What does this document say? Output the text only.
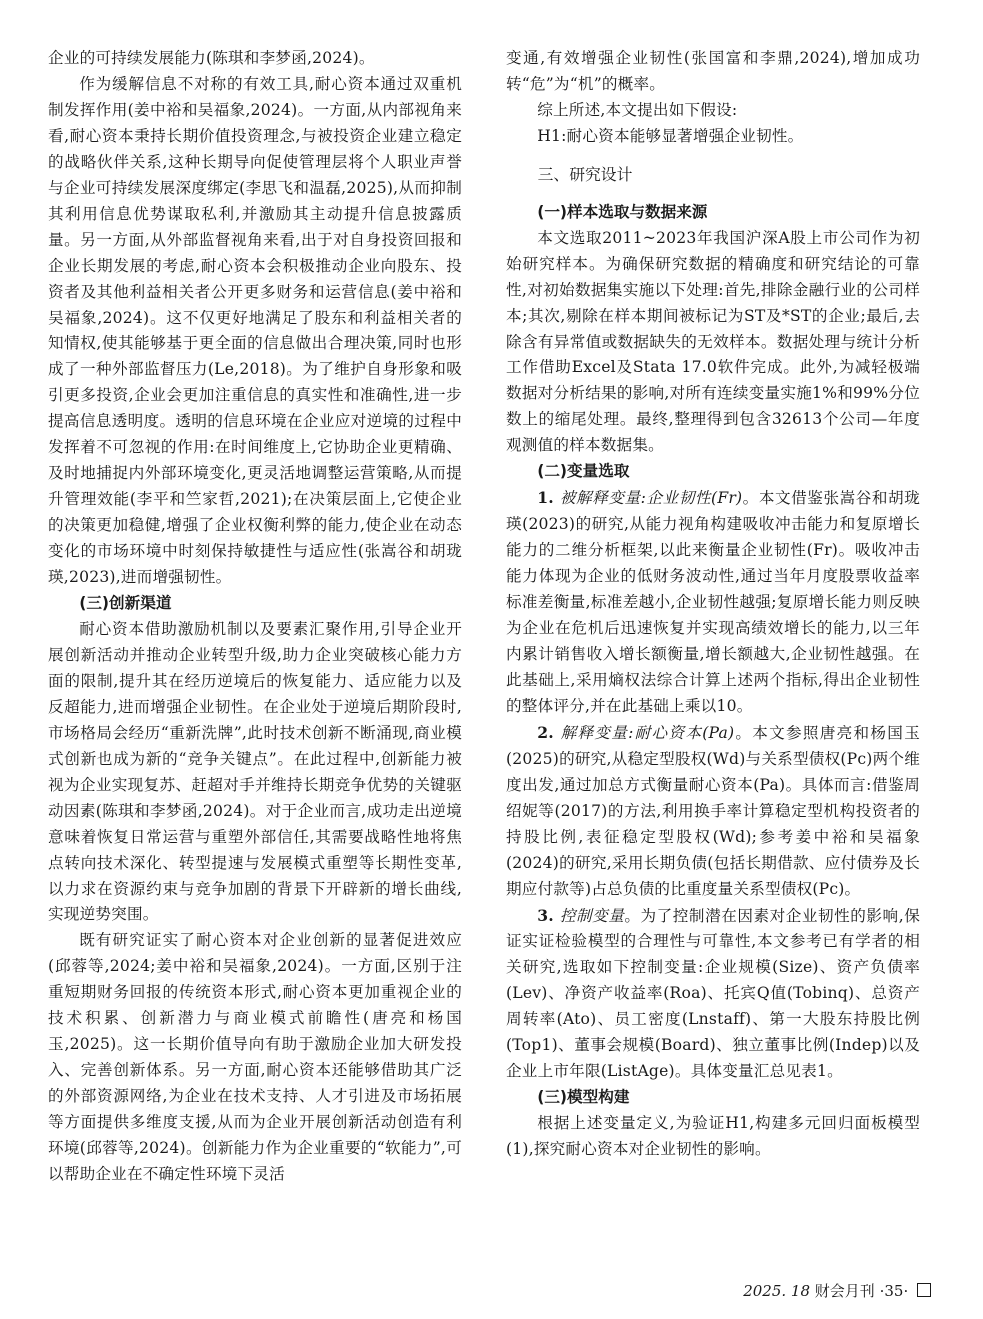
企业的可持续发展能力(陈琪和李梦函,2024)。

作为缓解信息不对称的有效工具,耐心资本通过双重机制发挥作用(姜中裕和吴福象,2024)。一方面,从内部视角来看,耐心资本秉持长期价值投资理念,与被投资企业建立稳定的战略伙伴关系,这种长期导向促使管理层将个人职业声誉与企业可持续发展深度绑定(李思飞和温磊,2025),从而抑制其利用信息优势谋取私利,并激励其主动提升信息披露质量。另一方面,从外部监督视角来看,出于对自身投资回报和企业长期发展的考虑,耐心资本会积极推动企业向股东、投资者及其他利益相关者公开更多财务和运营信息(姜中裕和吴福象,2024)。这不仅更好地满足了股东和利益相关者的知情权,使其能够基于更全面的信息做出合理决策,同时也形成了一种外部监督压力(Le,2018)。为了维护自身形象和吸引更多投资,企业会更加注重信息的真实性和准确性,进一步提高信息透明度。透明的信息环境在企业应对逆境的过程中发挥着不可忽视的作用:在时间维度上,它协助企业更精确、及时地捕捉内外部环境变化,更灵活地调整运营策略,从而提升管理效能(李平和竺家哲,2021);在决策层面上,它使企业的决策更加稳健,增强了企业权衡利弊的能力,使企业在动态变化的市场环境中时刻保持敏捷性与适应性(张嵩谷和胡珑瑛,2023),进而增强韧性。

(三)创新渠道

耐心资本借助激励机制以及要素汇聚作用,引导企业开展创新活动并推动企业转型升级,助力企业突破核心能力方面的限制,提升其在经历逆境后的恢复能力、适应能力以及反超能力,进而增强企业韧性。在企业处于逆境后期阶段时,市场格局会经历“重新洗牌”,此时技术创新不断涌现,商业模式创新也成为新的“竞争关键点”。在此过程中,创新能力被视为企业实现复苏、赶超对手并维持长期竞争优势的关键驱动因素(陈琪和李梦函,2024)。对于企业而言,成功走出逆境意味着恢复日常运营与重塑外部信任,其需要战略性地将焦点转向技术深化、转型提速与发展模式重塑等长期性变革,以力求在资源约束与竞争加剧的背景下开辟新的增长曲线,实现逆势突围。

既有研究证实了耐心资本对企业创新的显著促进效应(邱蓉等,2024;姜中裕和吴福象,2024)。一方面,区别于注重短期财务回报的传统资本形式,耐心资本更加重视企业的技术积累、创新潜力与商业模式前瞻性(唐亮和杨国玉,2025)。这一长期价值导向有助于激励企业加大研发投入、完善创新体系。另一方面,耐心资本还能够借助其广泛的外部资源网络,为企业在技术支持、人才引进及市场拓展等方面提供多维度支援,从而为企业开展创新活动创造有利环境(邱蓉等,2024)。创新能力作为企业重要的“软能力”,可以帮助企业在不确定性环境下灵活

变通,有效增强企业韧性(张国富和李鼎,2024),增加成功转“危”为“机”的概率。

综上所述,本文提出如下假设:

H1:耐心资本能够显著增强企业韧性。

三、研究设计

(一)样本选取与数据来源

本文选取2011~2023年我国沪深A股上市公司作为初始研究样本。为确保研究数据的精确度和研究结论的可靠性,对初始数据集实施以下处理:首先,排除金融行业的公司样本;其次,剔除在样本期间被标记为ST及*ST的企业;最后,去除含有异常值或数据缺失的无效样本。数据处理与统计分析工作借助Excel及Stata 17.0软件完成。此外,为减轻极端数据对分析结果的影响,对所有连续变量实施1%和99%分位数上的缩尾处理。最终,整理得到包含32613个公司—年度观测值的样本数据集。

(二)变量选取

1. 被解释变量:企业韧性(Fr)。本文借鉴张嵩谷和胡珑瑛(2023)的研究,从能力视角构建吸收冲击能力和复原增长能力的二维分析框架,以此来衡量企业韧性(Fr)。吸收冲击能力体现为企业的低财务波动性,通过当年月度股票收益率标准差衡量,标准差越小,企业韧性越强;复原增长能力则反映为企业在危机后迅速恢复并实现高绩效增长的能力,以三年内累计销售收入增长额衡量,增长额越大,企业韧性越强。在此基础上,采用熵权法综合计算上述两个指标,得出企业韧性的整体评分,并在此基础上乘以10。

2. 解释变量:耐心资本(Pa)。本文参照唐亮和杨国玉(2025)的研究,从稳定型股权(Wd)与关系型债权(Pc)两个维度出发,通过加总方式衡量耐心资本(Pa)。具体而言:借鉴周绍妮等(2017)的方法,利用换手率计算稳定型机构投资者的持股比例,表征稳定型股权(Wd);参考姜中裕和吴福象(2024)的研究,采用长期负债(包括长期借款、应付债券及长期应付款等)占总负债的比重度量关系型债权(Pc)。

3. 控制变量。为了控制潜在因素对企业韧性的影响,保证实证检验模型的合理性与可靠性,本文参考已有学者的相关研究,选取如下控制变量:企业规模(Size)、资产负债率(Lev)、净资产收益率(Roa)、托宾Q值(Tobinq)、总资产周转率(Ato)、员工密度(Lnstaff)、第一大股东持股比例(Top1)、董事会规模(Board)、独立董事比例(Indep)以及企业上市年限(ListAge)。具体变量汇总见表1。

(三)模型构建

根据上述变量定义,为验证H1,构建多元回归面板模型(1),探究耐心资本对企业韧性的影响。

2025. 18 财会月刊 ·35·
